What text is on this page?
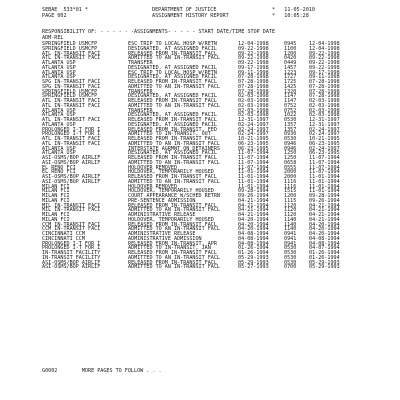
SEBAE  533*01 *	DEPARTMENT OF JUSTICE	*   11-05-2010
PAGE 002	ASSIGNMENT HISTORY REPORT	*   10:05:28
RESPONSIBILITY OF: - - - - - -ASSIGNMENTS- - - - - START DATE/TIME STOP DATE
ADM-REL
SPRINGFIELD USMCFP	ESC TRIP TO LOCAL HOSP W/RETN	12-04-1998	0945 12-04-1998
SPRINGFIELD USMCFP	DESIGNATED, AT ASSIGNED FACIL	09-22-1998	1100 12-04-1998
ATL IN-TRANSIT FACI	RELEASED FROM IN-TRANSIT FACL	09-22-1998	1200 09-22-1998
ATL IN-TRANSIT FACI	ADMITTED TO AN IN-TRANSIT FACL	09-22-1998	0420 09-22-1998
ATLANTA USP	TRANSFER	09-22-1998	0449 09-22-1998
ATLANTA USP	DESIGNATED, AT ASSIGNED FACIL	09-17-1998	1457 09-22-1998
ATLANTA USP	ESC TRIP TO LOCAL HOSP W/RETN	09-11-1998	1223 09-17-1998
ATLANTA USP	DESIGNATED, AT ASSIGNED FACIL	07-28-1998	1727 09-11-1998
SPG IN-TRANSIT FACI	RELEASED FROM IN-TRANSIT FACL	07-28-1998	1725 07-28-1998
SPG IN-TRANSIT FACI	ADMITTED TO AN IN-TRANSIT FACL	07-28-1998	1425 07-28-1998
SPRINGFIELD USMCFP	TRANSFER	07-28-1998	1320 07-28-1998
SPRINGFIELD USMCFP	DESIGNATED, AT ASSIGNED FACIL	02-03-1998	1147 07-28-1998
ATL IN-TRANSIT FACI	RELEASED FROM IN-TRANSIT FACL	02-03-1998	1147 02-03-1998
ATL IN-TRANSIT FACI	ADMITTED TO AN IN-TRANSIT FACL	02-03-1998	0752 02-03-1998
ATLANTA USP	TRANSFER	02-03-1998	0752 02-03-1998
ATLANTA USP	DESIGNATED, AT ASSIGNED FACIL	02-03-1998	1022 02-03-1998
ATL IN-TRANSIT FACI	RELEASED FROM IN-TRANSIT FACL	12-31-1997	0530 12-31-1997
ATLANTA USP	DESIGNATED, AT ASSIGNED FACIL	02-24-1997	1357 12-31-1997
PROLONGED I-T FOR I	RELEASED FROM IN-TRANSIT, FED	02-24-1997	1357 02-24-1997
PROLONGED I-T FOR I	ADMITTED TO IN-TRANSIT, OUT	02-24-1997	0930 02-24-1997
ATL IN-TRANSIT FACI	RELEASED FROM IN-TRANSIT FACL	10-21-1995	0530 10-21-1995
ATL IN-TRANSIT FACI	ADMITTED TO AN IN-TRANSIT FACL	06-23-1995	0946 06-23-1995
ATLANTA USP	INTERSTATE AGRMNT ON DETAINERS	06-23-1995	0946 02-24-1997
ATLANTA USP	DESIGNATED, AT ASSIGNED FACIL	11-07-1994	1250 06-23-1995
ASI-OSMS/BOP AIRLIF	RELEASED FROM IN-TRANSIT FACL	11-07-1994	1250 11-07-1994
ASI-OSMS/BOP AIRLIF	ADMITTED TO AN IN-TRANSIT FACL	11-07-1994	0658 11-07-1994
EL RENO FCI	HOLDOVER REMOVED	11-07-1994	0555 11-07-1994
EL RENO FCI	HOLDOVER, TEMPORARILY HOUSED	11-01-1994	2000 11-07-1994
ASI-OSMS/BOP AIRLIF	RELEASED FROM IN-TRANSIT FACL	11-01-1994	2000 11-01-1994
ASI-OSMS/BOP AIRLIF	ADMITTED TO AN IN-TRANSIT FACL	11-01-1994	1116 11-01-1994
MILAN FCI	HOLDOVER REMOVED	11-01-1994	1116 11-01-1994
MILAN FCI	HOLDOVER, TEMPORARILY HOUSED	09-28-1994	1515 11-01-1994
MILAN FCI	COURT APPEARANCE W/SCHED RETRN	09-26-1994	1200 09-28-1994
MILAN FCI	PRE-SENTENCE ADMISSION	04-21-1994	1115 09-26-1994
MIL IN-TRANSIT FACI	RELEASED FROM IN-TRANSIT FACL	04-21-1994	1120 04-21-1994
MIL IN-TRANSIT FACI	ADMITTED TO AN IN-TRANSIT FACL	04-21-1994	1120 04-21-1994
MILAN FCI	ADMINISTRATIVE RELEASE	04-21-1994	1120 04-21-1994
MILAN FCI	HOLDOVER, TEMPORARILY HOUSED	04-20-1994	1140 04-21-1994
CCM IN-TRANSIT FACI	RELEASED FROM IN-TRANSIT FACL	04-20-1994	1140 04-20-1994
CCM IN-TRANSIT FACI	ADMITTED TO AN IN-TRANSIT FACL	04-20-1994	1140 04-20-1994
CINCINNATI CCM	ADMINISTRATIVE RELEASE	04-08-1994	0941 04-20-1994
CINCINNATI CCM	ADMINISTRATIVE ADMISSION	04-08-1994	0941 04-08-1994
PROLONGED I-T FOR I	RELEASED FROM IN-TRANSIT, APR	04-08-1994	0941 04-08-1994
PROLONGED I-T FOR I	ADMITTED TO IN-TRANSIT, JAN	01-26-1994	0530 04-07-1994
IN-TRANSIT FACILITY	RELEASED FROM IN-TRANSIT FACL	01-26-1994	0530 01-26-1994
IN-TRANSIT FACILITY	ADMITTED TO AN IN-TRANSIT FACL	05-29-1993	0530 01-26-1994
ASI-OSMS/BOP AIRLIF	RELEASED FROM IN-TRANSIT FACL	05-29-1993	0530 05-29-1993
ASI-OSMS/BOP AIRLIF	ADMITTED TO AN IN-TRANSIT FACL	05-27-1993	0700 05-29-1993
G0002        MORE PAGES TO FOLLOW . . .
